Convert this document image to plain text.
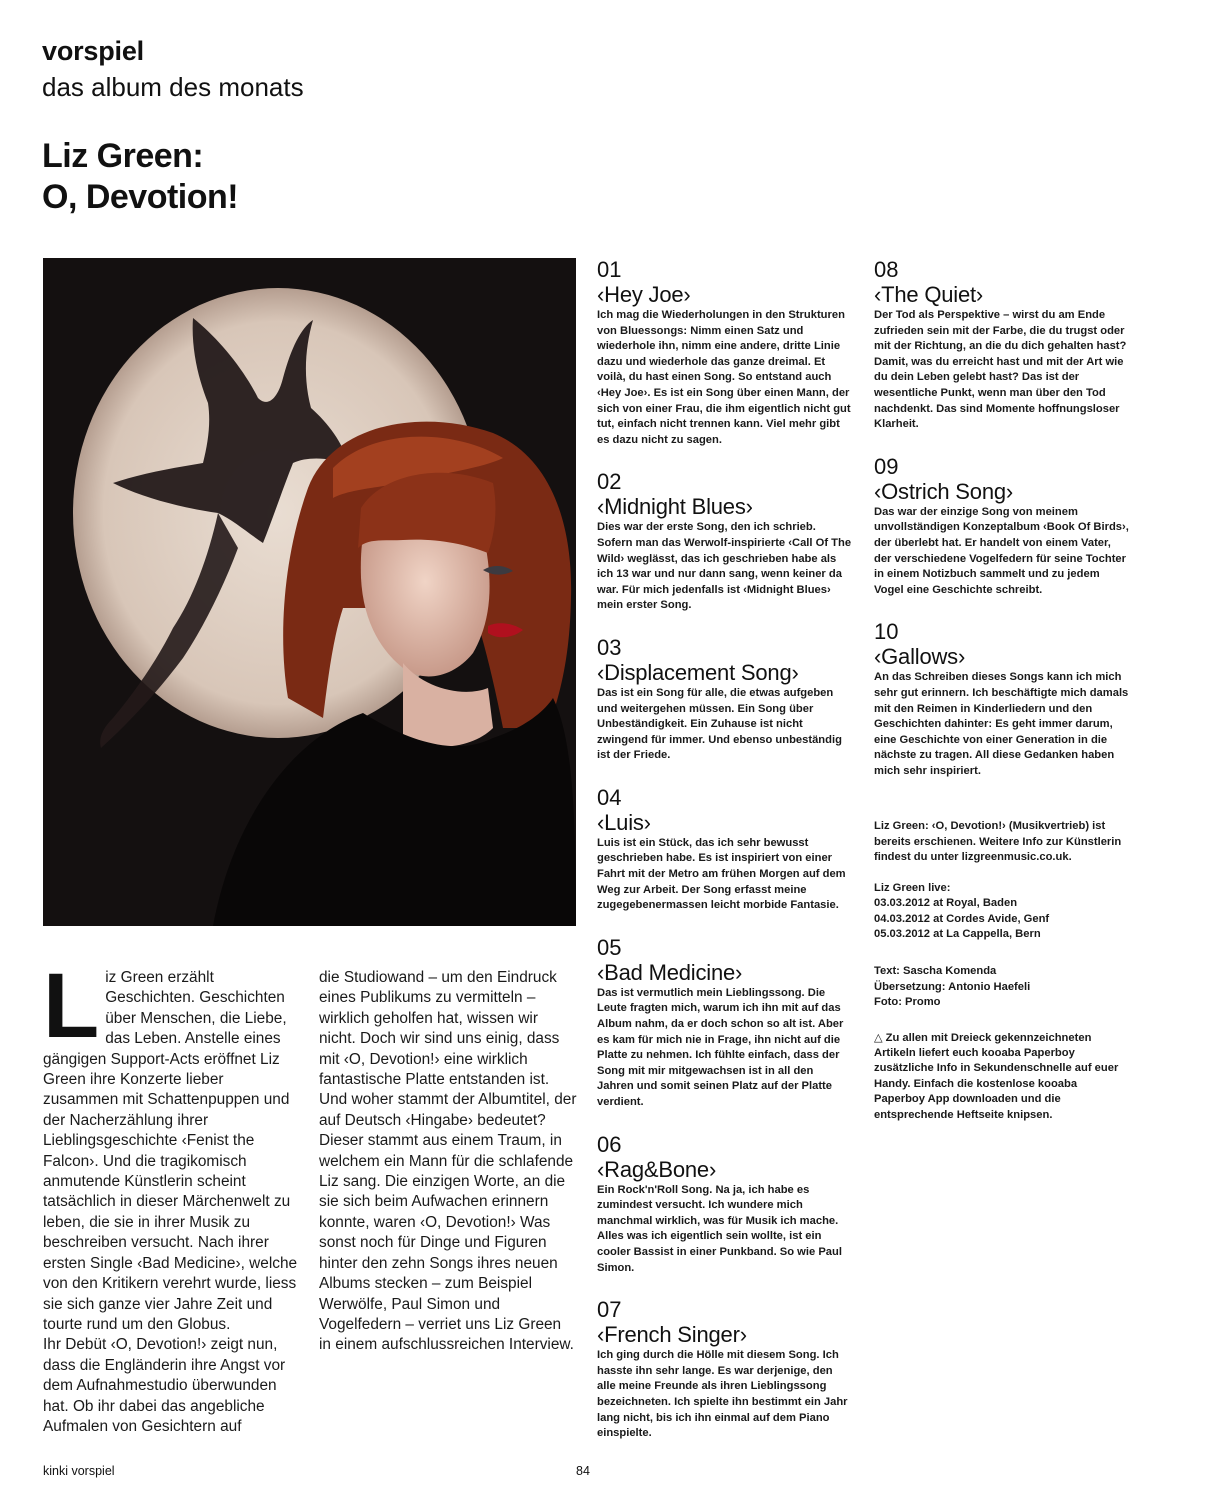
vorspiel
das album des monats
Liz Green:
O, Devotion!
L iz Green erzählt Geschichten. Geschichten über Menschen, die Liebe, das Leben. Anstelle eines gängigen Support-Acts eröffnet Liz Green ihre Konzerte lieber zusammen mit Schattenpuppen und der Nacherzählung ihrer Lieblingsgeschichte ‹Fenist the Falcon›. Und die tragikomisch anmutende Künstlerin scheint tatsächlich in dieser Märchenwelt zu leben, die sie in ihrer Musik zu beschreiben versucht. Nach ihrer ersten Single ‹Bad Medicine›, welche von den Kritikern verehrt wurde, liess sie sich ganze vier Jahre Zeit und tourte rund um den Globus.

Ihr Debüt ‹O, Devotion!› zeigt nun, dass die Engländerin ihre Angst vor dem Aufnahmestudio überwunden hat. Ob ihr dabei das angebliche Aufmalen von Gesichtern auf

die Studiowand – um den Eindruck eines Publikums zu vermitteln – wirklich geholfen hat, wissen wir nicht. Doch wir sind uns einig, dass mit ‹O, Devotion!› eine wirklich fantastische Platte entstanden ist. Und woher stammt der Albumtitel, der auf Deutsch ‹Hingabe› bedeutet? Dieser stammt aus einem Traum, in welchem ein Mann für die schlafende Liz sang. Die einzigen Worte, an die sie sich beim Aufwachen erinnern konnte, waren ‹O, Devotion!› Was sonst noch für Dinge und Figuren hinter den zehn Songs ihres neuen Albums stecken – zum Beispiel Werwölfe, Paul Simon und Vogelfedern – verriet uns Liz Green in einem aufschlussreichen Interview.

01
‹Hey Joe›
Ich mag die Wiederholungen in den Strukturen von Bluessongs: Nimm einen Satz und wiederhole ihn, nimm eine andere, dritte Linie dazu und wiederhole das ganze dreimal. Et voilà, du hast einen Song. So entstand auch ‹Hey Joe›. Es ist ein Song über einen Mann, der sich von einer Frau, die ihm eigentlich nicht gut tut, einfach nicht trennen kann. Viel mehr gibt es dazu nicht zu sagen.
02
‹Midnight Blues›
Dies war der erste Song, den ich schrieb. Sofern man das Werwolf-inspirierte ‹Call Of The Wild› weglässt, das ich geschrieben habe als ich 13 war und nur dann sang, wenn keiner da war. Für mich jedenfalls ist ‹Midnight Blues› mein erster Song.
03
‹Displacement Song›
Das ist ein Song für alle, die etwas aufgeben und weitergehen müssen. Ein Song über Unbeständigkeit. Ein Zuhause ist nicht zwingend für immer. Und ebenso unbeständig ist der Friede.
04
‹Luis›
Luis ist ein Stück, das ich sehr bewusst geschrieben habe. Es ist inspiriert von einer Fahrt mit der Metro am frühen Morgen auf dem Weg zur Arbeit. Der Song erfasst meine zugegebenermassen leicht morbide Fantasie.
05
‹Bad Medicine›
Das ist vermutlich mein Lieblingssong. Die Leute fragten mich, warum ich ihn mit auf das Album nahm, da er doch schon so alt ist. Aber es kam für mich nie in Frage, ihn nicht auf die Platte zu nehmen. Ich fühlte einfach, dass der Song mit mir mitgewachsen ist in all den Jahren und somit seinen Platz auf der Platte verdient.
06
‹Rag&Bone›
Ein Rock'n'Roll Song. Na ja, ich habe es zumindest versucht. Ich wundere mich manchmal wirklich, was für Musik ich mache. Alles was ich eigentlich sein wollte, ist ein cooler Bassist in einer Punkband. So wie Paul Simon.
07
‹French Singer›
Ich ging durch die Hölle mit diesem Song. Ich hasste ihn sehr lange. Es war derjenige, den alle meine Freunde als ihren Lieblingssong bezeichneten. Ich spielte ihn bestimmt ein Jahr lang nicht, bis ich ihn einmal auf dem Piano einspielte.
08
‹The Quiet›
Der Tod als Perspektive – wirst du am Ende zufrieden sein mit der Farbe, die du trugst oder mit der Richtung, an die du dich gehalten hast? Damit, was du erreicht hast und mit der Art wie du dein Leben gelebt hast? Das ist der wesentliche Punkt, wenn man über den Tod nachdenkt. Das sind Momente hoffnungsloser Klarheit.
09
‹Ostrich Song›
Das war der einzige Song von meinem unvollständigen Konzeptalbum ‹Book Of Birds›, der überlebt hat. Er handelt von einem Vater, der verschiedene Vogelfedern für seine Tochter in einem Notizbuch sammelt und zu jedem Vogel eine Geschichte schreibt.
10
‹Gallows›
An das Schreiben dieses Songs kann ich mich sehr gut erinnern. Ich beschäftigte mich damals mit den Reimen in Kinderliedern und den Geschichten dahinter: Es geht immer darum, eine Geschichte von einer Generation in die nächste zu tragen. All diese Gedanken haben mich sehr inspiriert.
Liz Green: ‹O, Devotion!› (Musikvertrieb) ist bereits erschienen. Weitere Info zur Künstlerin findest du unter lizgreenmusic.co.uk.
Liz Green live:
03.03.2012 at Royal, Baden
04.03.2012 at Cordes Avide, Genf
05.03.2012 at La Cappella, Bern
Text: Sascha Komenda
Übersetzung: Antonio Haefeli
Foto: Promo
△ Zu allen mit Dreieck gekennzeichneten Artikeln liefert euch kooaba Paperboy zusätzliche Info in Sekundenschnelle auf euer Handy. Einfach die kostenlose kooaba Paperboy App downloaden und die entsprechende Heftseite knipsen.
kinki vorspiel	84
